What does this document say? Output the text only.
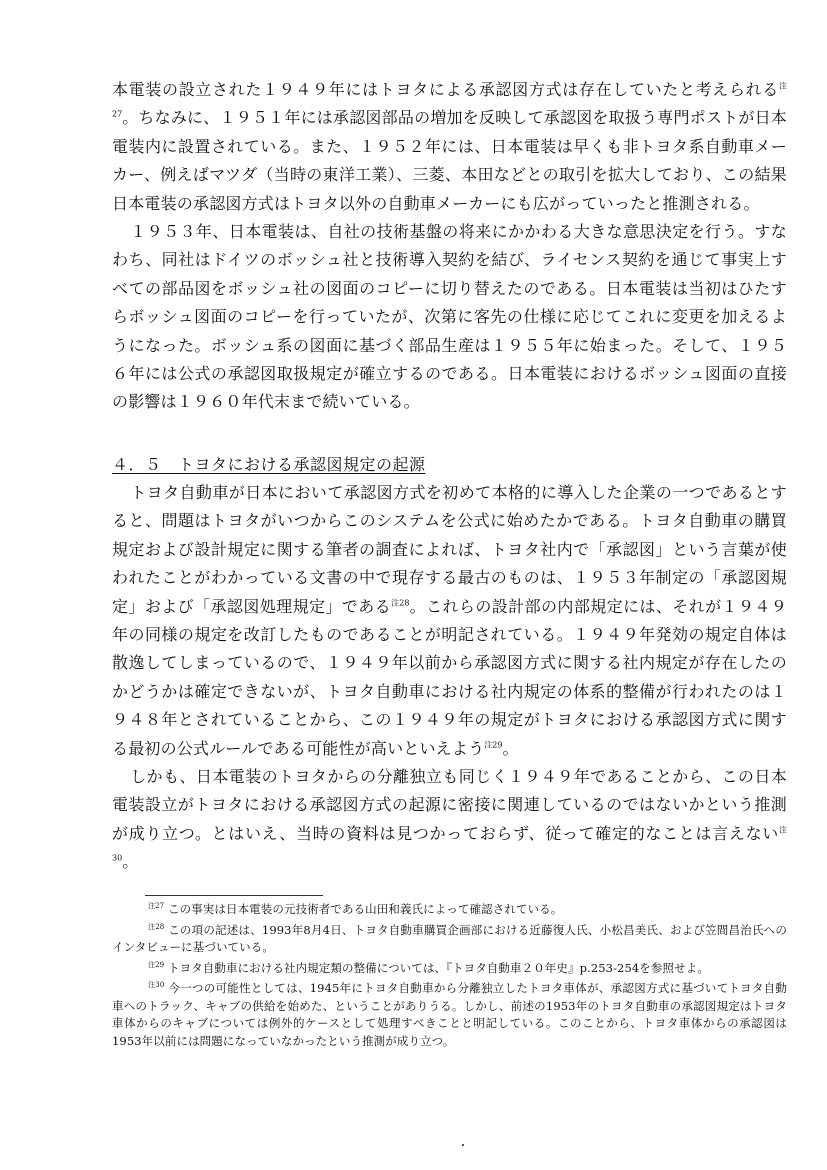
本電装の設立された１９４９年にはトヨタによる承認図方式は存在していたと考えられる$^{注27}$。ちなみに、１９５１年には承認図部品の増加を反映して承認図を取扱う専門ポストが日本電装内に設置されている。また、１９５２年には、日本電装は早くも非トヨタ系自動車メーカー、例えばマツダ（当時の東洋工業）、三菱、本田などとの取引を拡大しており、この結果日本電装の承認図方式はトヨタ以外の自動車メーカーにも広がっていったと推測される。

１９５３年、日本電装は、自社の技術基盤の将来にかかわる大きな意思決定を行う。すなわち、同社はドイツのボッシュ社と技術導入契約を結び、ライセンス契約を通じて事実上すべての部品図をボッシュ社の図面のコピーに切り替えたのである。日本電装は当初はひたすらボッシュ図面のコピーを行っていたが、次第に客先の仕様に応じてこれに変更を加えるようになった。ボッシュ系の図面に基づく部品生産は１９５５年に始まった。そして、１９５６年には公式の承認図取扱規定が確立するのである。日本電装におけるボッシュ図面の直接の影響は１９６０年代末まで続いている。

４．５　トヨタにおける承認図規定の起源

トヨタ自動車が日本において承認図方式を初めて本格的に導入した企業の一つであるとすると、問題はトヨタがいつからこのシステムを公式に始めたかである。トヨタ自動車の購買規定および設計規定に関する筆者の調査によれば、トヨタ社内で「承認図」という言葉が使われたことがわかっている文書の中で現存する最古のものは、１９５３年制定の「承認図規定」および「承認図処理規定」である$^{注28}$。これらの設計部の内部規定には、それが１９４９年の同様の規定を改訂したものであることが明記されている。１９４９年発効の規定自体は散逸してしまっているので、１９４９年以前から承認図方式に関する社内規定が存在したのかどうかは確定できないが、トヨタ自動車における社内規定の体系的整備が行われたのは１９４８年とされていることから、この１９４９年の規定がトヨタにおける承認図方式に関する最初の公式ルールである可能性が高いといえよう$^{注29}$。

しかも、日本電装のトヨタからの分離独立も同じく１９４９年であることから、この日本電装設立がトヨタにおける承認図方式の起源に密接に関連しているのではないかという推測が成り立つ。とはいえ、当時の資料は見つかっておらず、従って確定的なことは言えない$^{注30}$。

$^{注27}$ この事実は日本電装の元技術者である山田和義氏によって確認されている。

$^{注28}$ この項の記述は、1993年8月4日、トヨタ自動車購買企画部における近藤復人氏、小松昌美氏、および笠間昌治氏へのインタビューに基づいている。

$^{注29}$ トヨタ自動車における社内規定類の整備については、『トヨタ自動車２０年史』p.253-254を参照せよ。

$^{注30}$ 今一つの可能性としては、1945年にトヨタ自動車から分離独立したトヨタ車体が、承認図方式に基づいてトヨタ自動車へのトラック、キャブの供給を始めた、ということがありうる。しかし、前述の1953年のトヨタ自動車の承認図規定はトヨタ車体からのキャブについては例外的ケースとして処理すべきことと明記している。このことから、トヨタ車体からの承認図は1953年以前には問題になっていなかったという推測が成り立つ。
